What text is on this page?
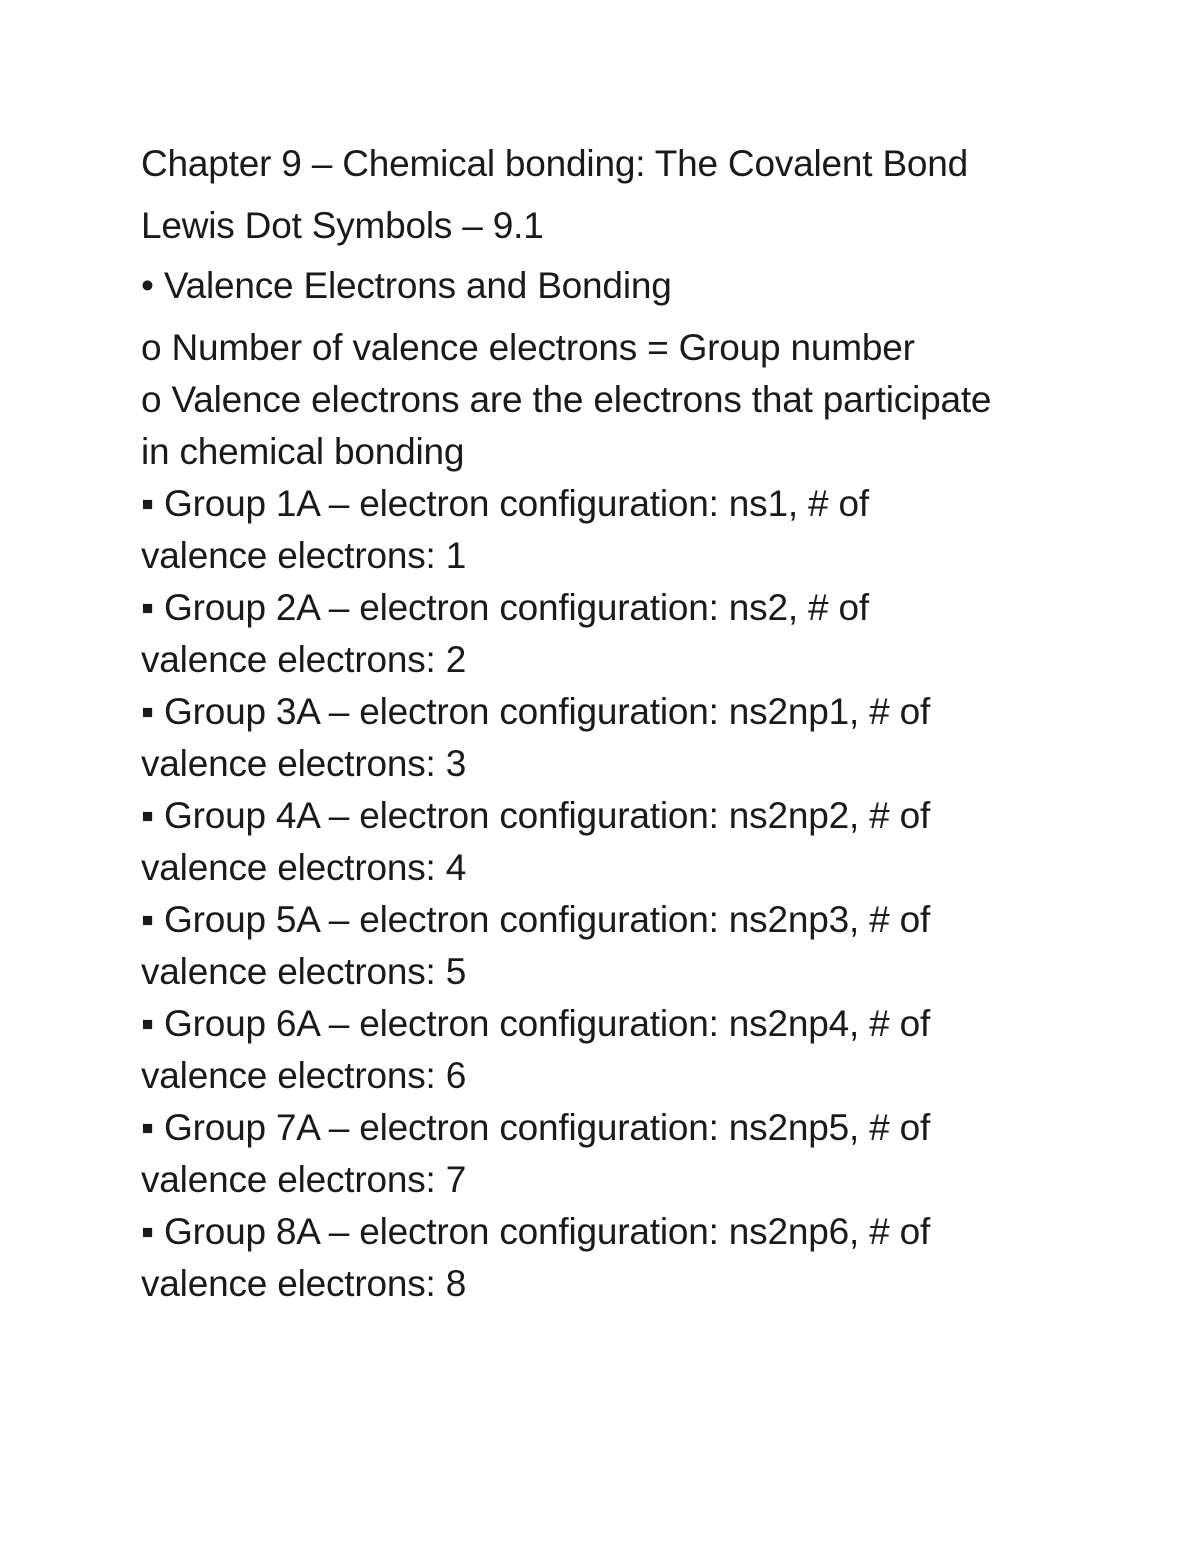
Chapter 9 – Chemical bonding: The Covalent Bond
Lewis Dot Symbols – 9.1
• Valence Electrons and Bonding
o Number of valence electrons = Group number
o Valence electrons are the electrons that participate
in chemical bonding
▪ Group 1A – electron configuration: ns1, # of
valence electrons: 1
▪ Group 2A – electron configuration: ns2, # of
valence electrons: 2
▪ Group 3A – electron configuration: ns2np1, # of
valence electrons: 3
▪ Group 4A – electron configuration: ns2np2, # of
valence electrons: 4
▪ Group 5A – electron configuration: ns2np3, # of
valence electrons: 5
▪ Group 6A – electron configuration: ns2np4, # of
valence electrons: 6
▪ Group 7A – electron configuration: ns2np5, # of
valence electrons: 7
▪ Group 8A – electron configuration: ns2np6, # of
valence electrons: 8
